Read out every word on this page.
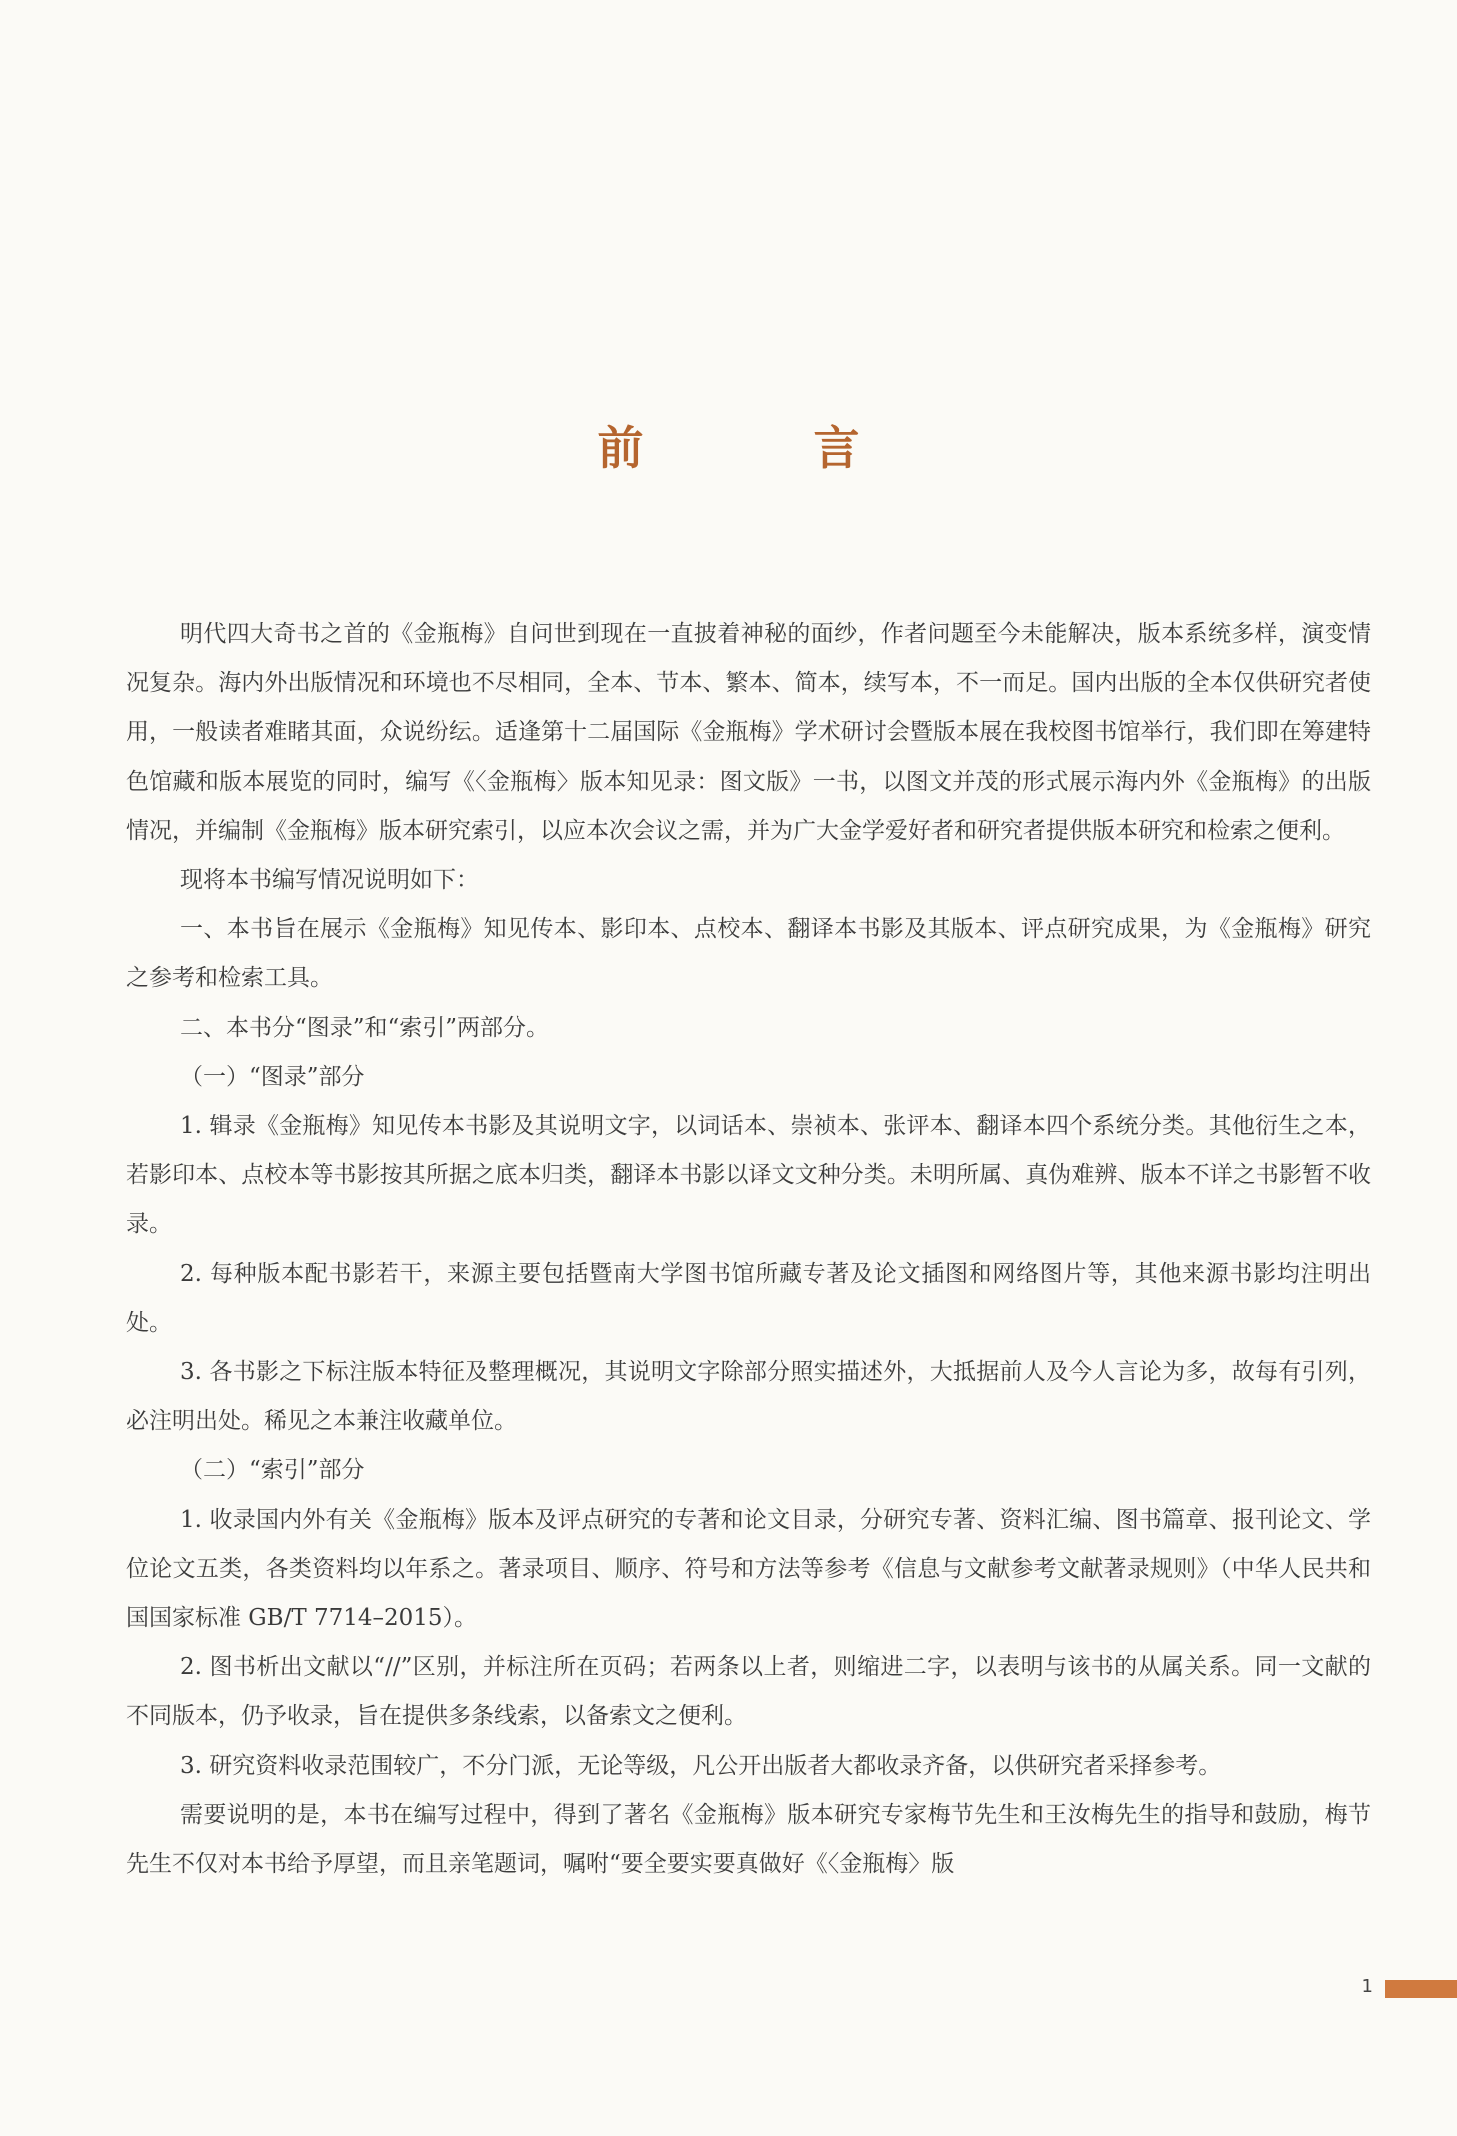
前　言

明代四大奇书之首的《金瓶梅》自问世到现在一直披着神秘的面纱，作者问题至今未能解决，版本系统多样，演变情况复杂。海内外出版情况和环境也不尽相同，全本、节本、繁本、简本，续写本，不一而足。国内出版的全本仅供研究者使用，一般读者难睹其面，众说纷纭。适逢第十二届国际《金瓶梅》学术研讨会暨版本展在我校图书馆举行，我们即在筹建特色馆藏和版本展览的同时，编写《〈金瓶梅〉版本知见录：图文版》一书，以图文并茂的形式展示海内外《金瓶梅》的出版情况，并编制《金瓶梅》版本研究索引，以应本次会议之需，并为广大金学爱好者和研究者提供版本研究和检索之便利。

现将本书编写情况说明如下：

一、本书旨在展示《金瓶梅》知见传本、影印本、点校本、翻译本书影及其版本、评点研究成果，为《金瓶梅》研究之参考和检索工具。

二、本书分“图录”和“索引”两部分。

（一）“图录”部分

1. 辑录《金瓶梅》知见传本书影及其说明文字，以词话本、崇祯本、张评本、翻译本四个系统分类。其他衍生之本，若影印本、点校本等书影按其所据之底本归类，翻译本书影以译文文种分类。未明所属、真伪难辨、版本不详之书影暂不收录。

2. 每种版本配书影若干，来源主要包括暨南大学图书馆所藏专著及论文插图和网络图片等，其他来源书影均注明出处。

3. 各书影之下标注版本特征及整理概况，其说明文字除部分照实描述外，大抵据前人及今人言论为多，故每有引列，必注明出处。稀见之本兼注收藏单位。

（二）“索引”部分

1. 收录国内外有关《金瓶梅》版本及评点研究的专著和论文目录，分研究专著、资料汇编、图书篇章、报刊论文、学位论文五类，各类资料均以年系之。著录项目、顺序、符号和方法等参考《信息与文献参考文献著录规则》（中华人民共和国国家标准 GB/T 7714–2015）。

2. 图书析出文献以“//”区别，并标注所在页码；若两条以上者，则缩进二字，以表明与该书的从属关系。同一文献的不同版本，仍予收录，旨在提供多条线索，以备索文之便利。

3. 研究资料收录范围较广，不分门派，无论等级，凡公开出版者大都收录齐备，以供研究者采择参考。

需要说明的是，本书在编写过程中，得到了著名《金瓶梅》版本研究专家梅节先生和王汝梅先生的指导和鼓励，梅节先生不仅对本书给予厚望，而且亲笔题词，嘱咐“要全要实要真做好《〈金瓶梅〉版

1
